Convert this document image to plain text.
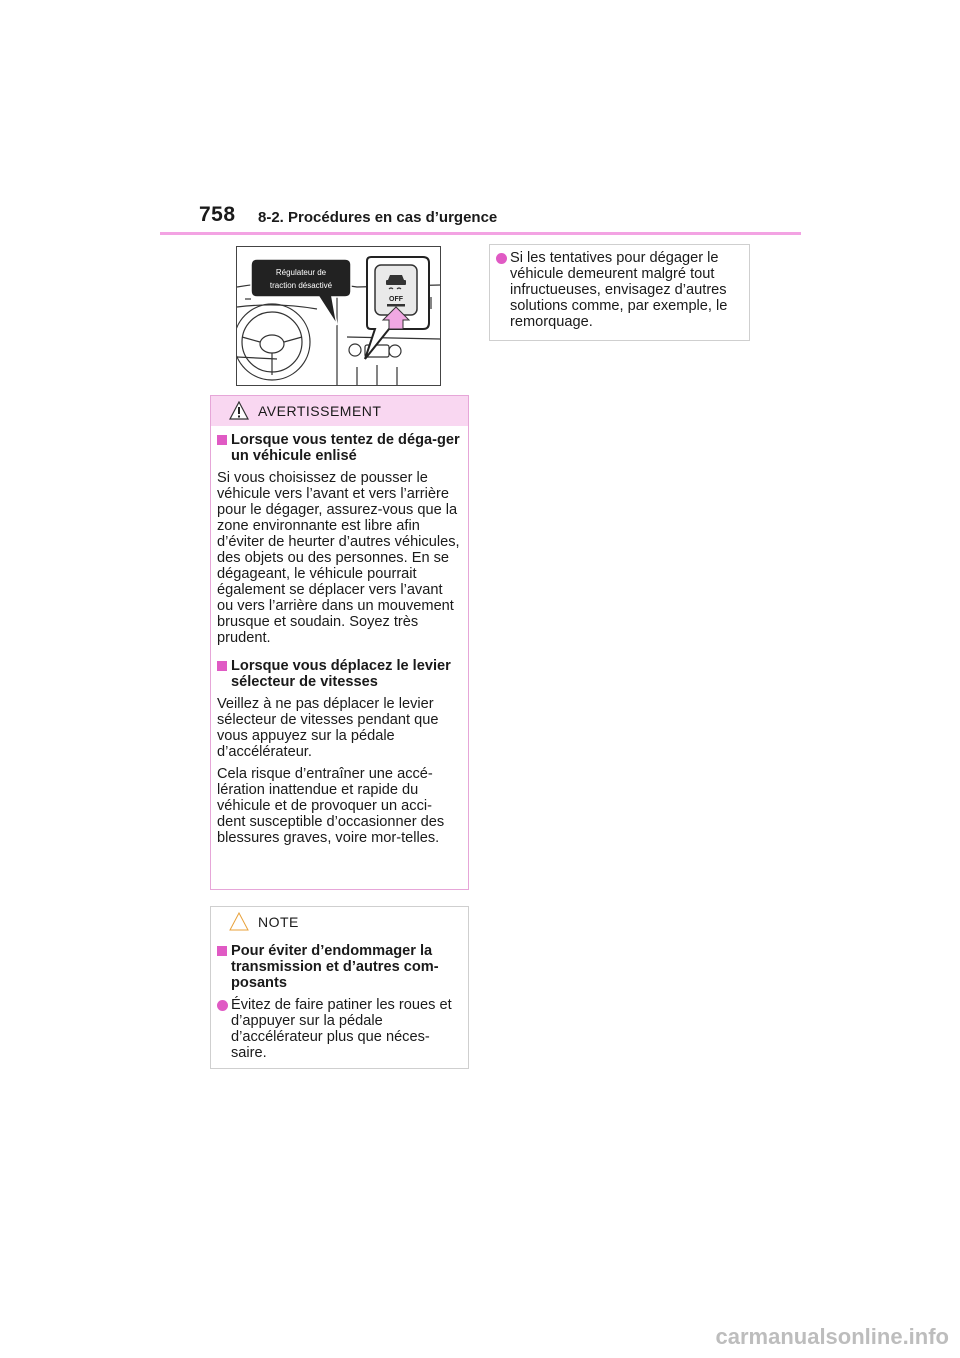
758 8-2. Procédures en cas d’urgence
Régulateur de
traction désactivé
OFF
AVERTISSEMENT
Lorsque vous tentez de déga-ger un véhicule enlisé
Si vous choisissez de pousser le véhicule vers l’avant et vers l’arrière pour le dégager, assurez-vous que la zone environnante est libre afin d’éviter de heurter d’autres véhicules, des objets ou des personnes. En se dégageant, le véhicule pourrait également se déplacer vers l’avant ou vers l’arrière dans un mouvement brusque et soudain. Soyez très prudent.
Lorsque vous déplacez le levier sélecteur de vitesses
Veillez à ne pas déplacer le levier sélecteur de vitesses pendant que vous appuyez sur la pédale d’accélérateur.
Cela risque d’entraîner une accé-lération inattendue et rapide du véhicule et de provoquer un acci-dent susceptible d’occasionner des blessures graves, voire mor-telles.
NOTE
Pour éviter d’endommager la transmission et d’autres com-posants
Évitez de faire patiner les roues et d’appuyer sur la pédale d’accélérateur plus que néces-saire.
Si les tentatives pour dégager le véhicule demeurent malgré tout infructueuses, envisagez d’autres solutions comme, par exemple, le remorquage.
carmanualsonline.info
